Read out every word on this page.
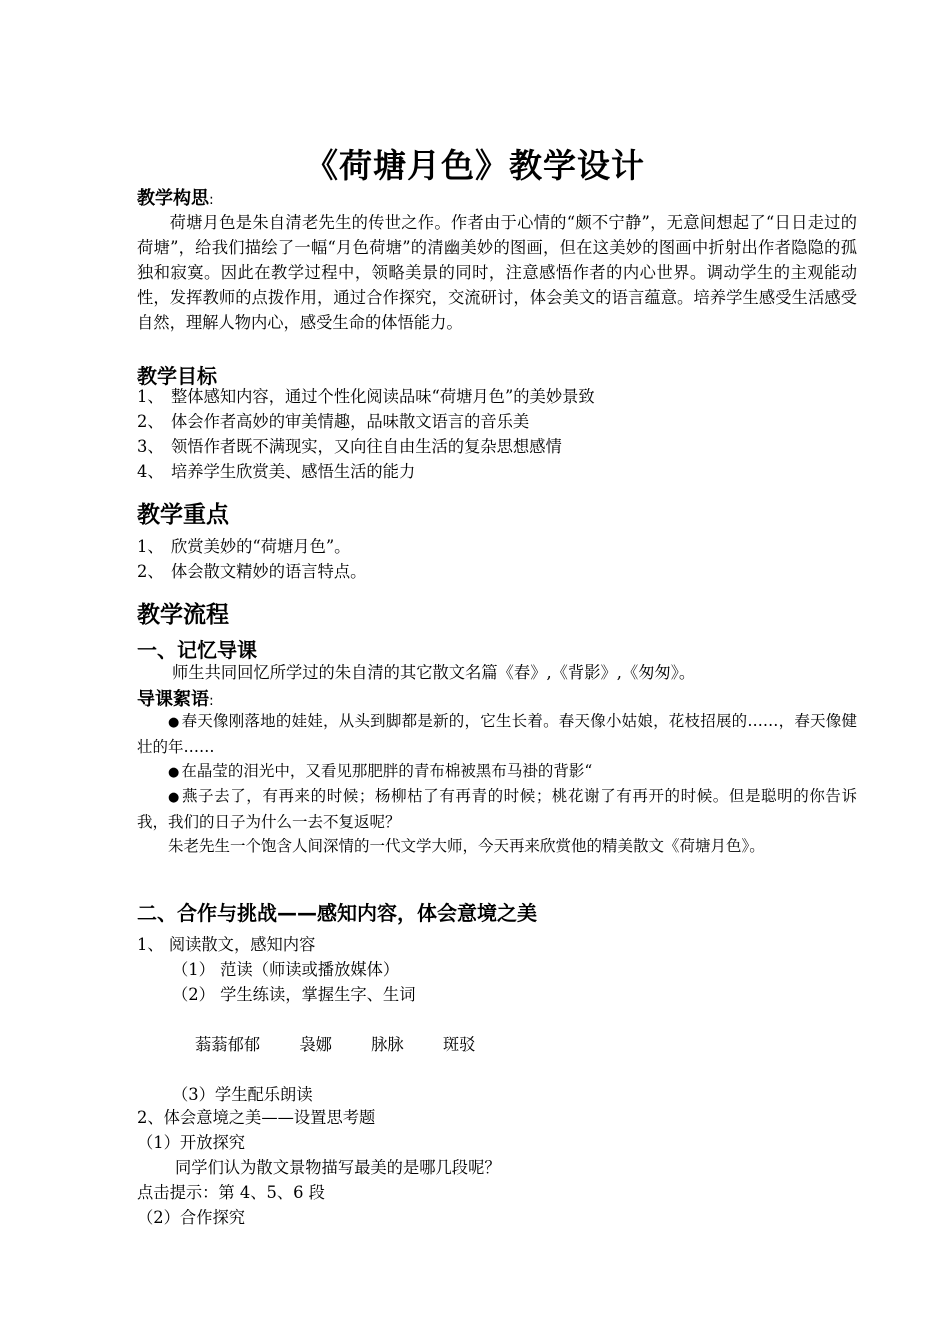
《荷塘月色》教学设计
教学构思:
荷塘月色是朱自清老先生的传世之作。作者由于心情的“颇不宁静”，无意间想起了“日日走过的荷塘”，给我们描绘了一幅“月色荷塘”的清幽美妙的图画，但在这美妙的图画中折射出作者隐隐的孤独和寂寞。因此在教学过程中，领略美景的同时，注意感悟作者的内心世界。调动学生的主观能动性，发挥教师的点拨作用，通过合作探究，交流研讨，体会美文的语言蕴意。培养学生感受生活感受自然，理解人物内心，感受生命的体悟能力。
教学目标
1、 整体感知内容，通过个性化阅读品味“荷塘月色”的美妙景致
2、 体会作者高妙的审美情趣，品味散文语言的音乐美
3、 领悟作者既不满现实，又向往自由生活的复杂思想感情
4、 培养学生欣赏美、感悟生活的能力
教学重点
1、 欣赏美妙的“荷塘月色”。
2、 体会散文精妙的语言特点。
教学流程
一、记忆导课
师生共同回忆所学过的朱自清的其它散文名篇《春》,《背影》,《匆匆》。
导课絮语:
● 春天像刚落地的娃娃，从头到脚都是新的，它生长着。春天像小姑娘，花枝招展的……，春天像健壮的年……
● 在晶莹的泪光中，又看见那肥胖的青布棉被黑布马褂的背影“
● 燕子去了，有再来的时候；杨柳枯了有再青的时候；桃花谢了有再开的时候。但是聪明的你告诉我，我们的日子为什么一去不复返呢？
朱老先生一个饱含人间深情的一代文学大师，今天再来欣赏他的精美散文《荷塘月色》。
二、合作与挑战——感知内容，体会意境之美
1、 阅读散文，感知内容
（1） 范读（师读或播放媒体）
（2） 学生练读，掌握生字、生词
蓊蓊郁郁 袅娜 脉脉 斑驳
（3）学生配乐朗读
2、体会意境之美——设置思考题
（1）开放探究
同学们认为散文景物描写最美的是哪几段呢？
点击提示：第 4、5、6 段
（2）合作探究
